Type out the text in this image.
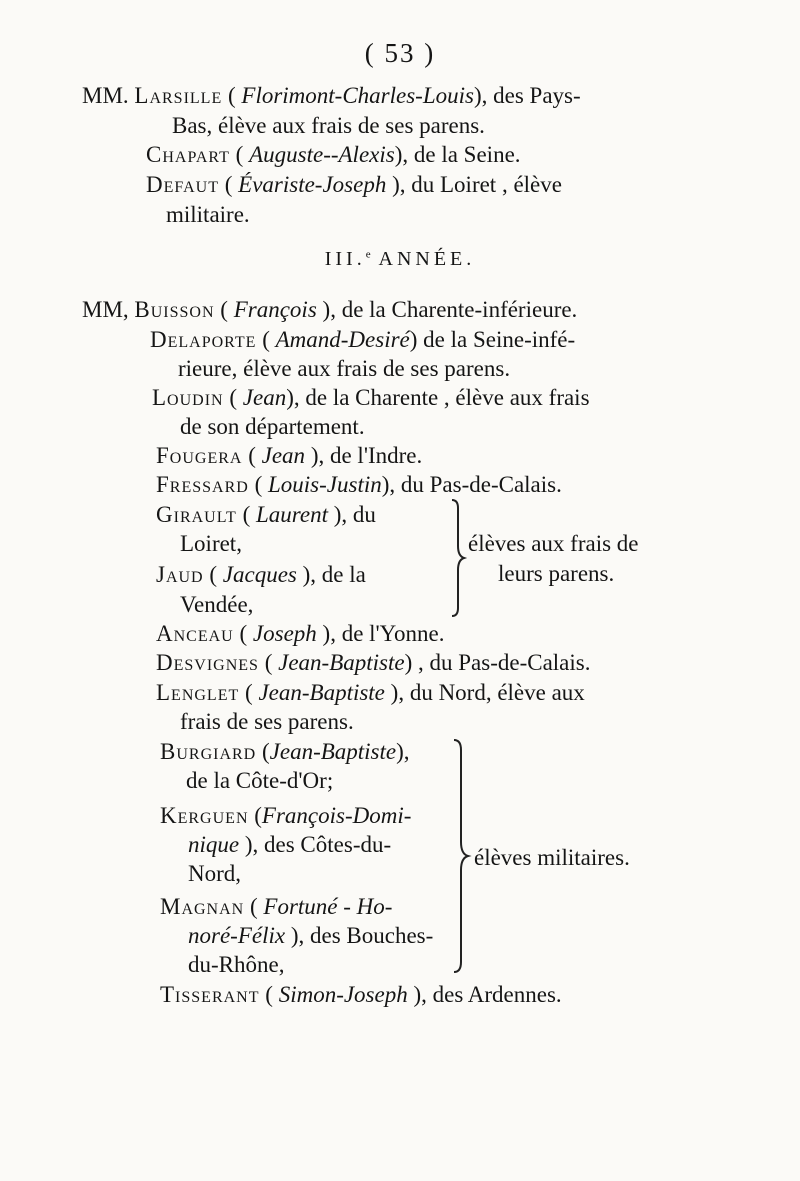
( 53 )
MM. Larsille ( Florimont-Charles-Louis), des Pays-
Bas, élève aux frais de ses parens.
Chapart ( Auguste--Alexis), de la Seine.
Defaut ( Évariste-Joseph ), du Loiret , élève
militaire.
III.$^e$ ANNÉE.
MM, Buisson ( François ), de la Charente-inférieure.
Delaporte ( Amand-Desiré) de la Seine-infé-
rieure, élève aux frais de ses parens.
Loudin ( Jean), de la Charente , élève aux frais
de son département.
Fougera ( Jean ), de l'Indre.
Fressard ( Louis-Justin), du Pas-de-Calais.
Girault ( Laurent ), du
Loiret,
Jaud ( Jacques ), de la
Vendée,
élèves aux frais de
leurs parens.
Anceau ( Joseph ), de l'Yonne.
Desvignes ( Jean-Baptiste) , du Pas-de-Calais.
Lenglet ( Jean-Baptiste ), du Nord, élève aux
frais de ses parens.
Burgiard (Jean-Baptiste),
de la Côte-d'Or;
Kerguen (François-Domi-
nique ), des Côtes-du-
Nord,
Magnan ( Fortuné - Ho-
noré-Félix ), des Bouches-
du-Rhône,
élèves militaires.
Tisserant ( Simon-Joseph ), des Ardennes.
